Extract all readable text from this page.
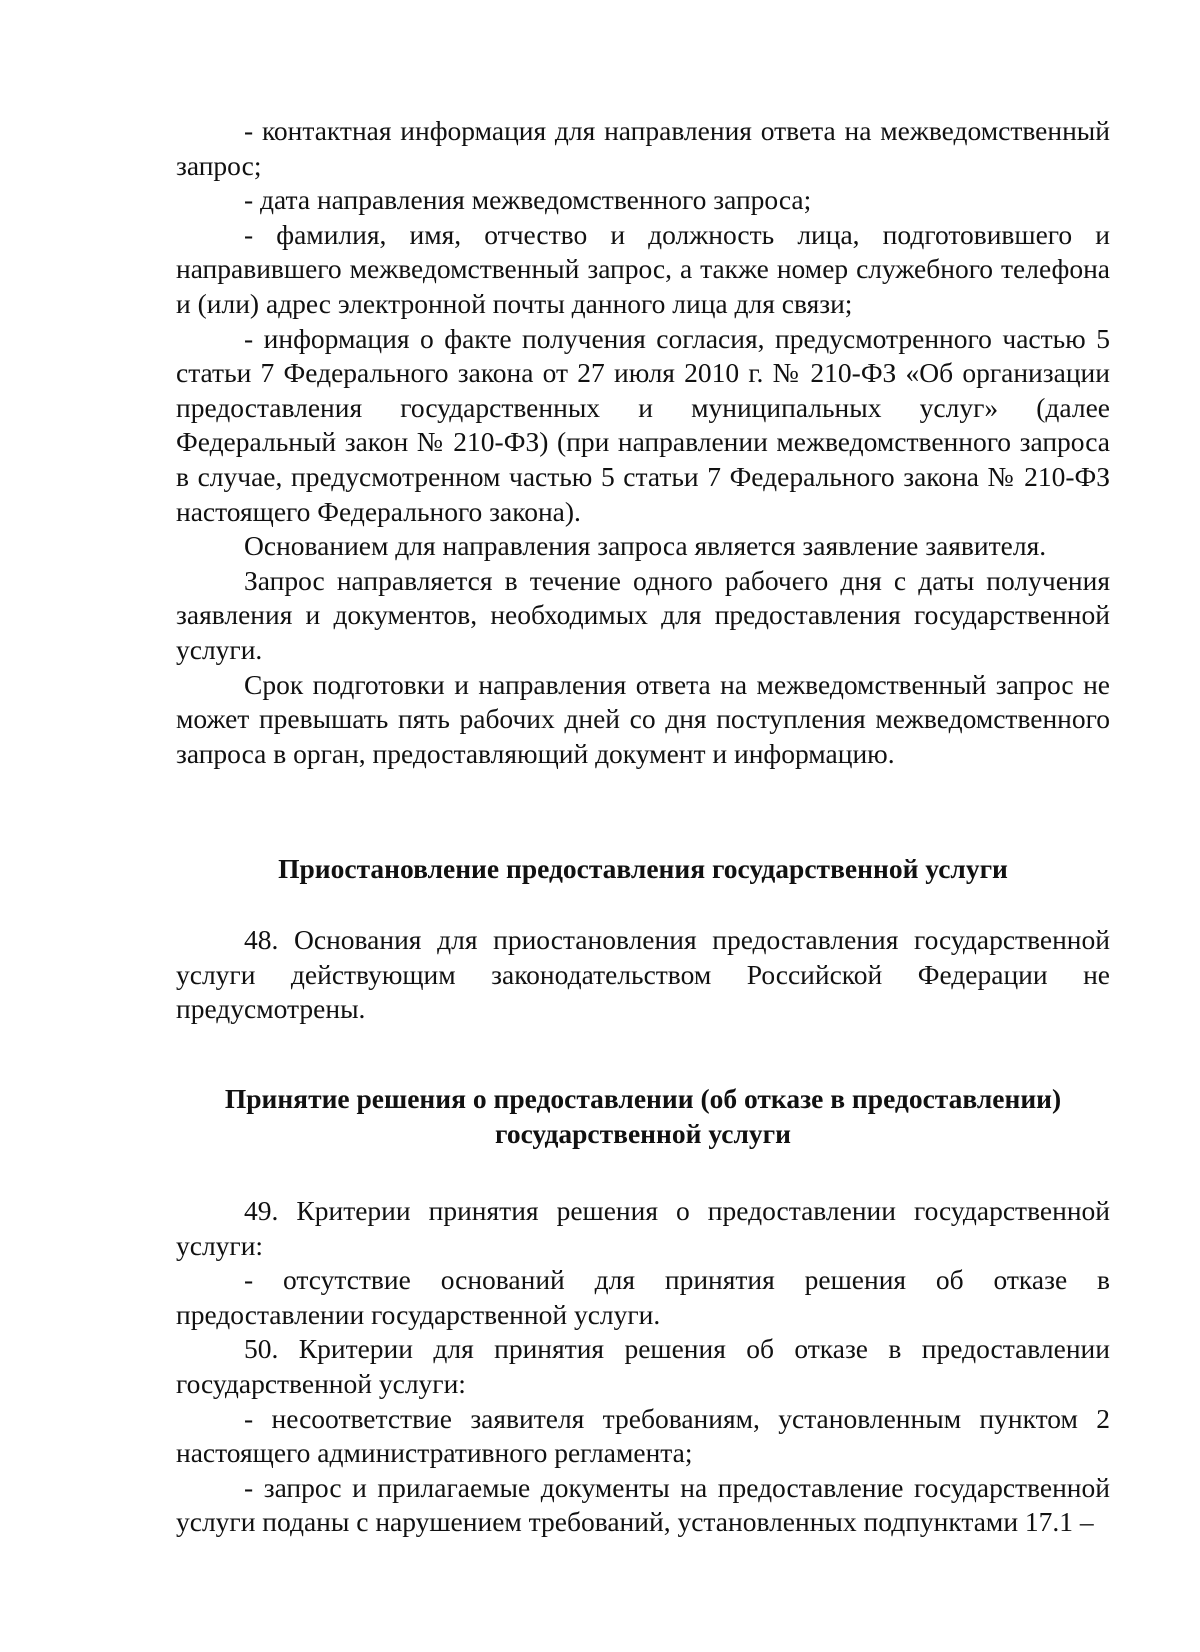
- контактная информация для направления ответа на межведомственный запрос;

- дата направления межведомственного запроса;

- фамилия, имя, отчество и должность лица, подготовившего и направившего межведомственный запрос, а также номер служебного телефона и (или) адрес электронной почты данного лица для связи;

- информация о факте получения согласия, предусмотренного частью 5 статьи 7 Федерального закона от 27 июля 2010 г. № 210-ФЗ «Об организации предоставления государственных и муниципальных услуг» (далее Федеральный закон № 210-ФЗ) (при направлении межведомственного запроса в случае, предусмотренном частью 5 статьи 7 Федерального закона № 210-ФЗ настоящего Федерального закона).

Основанием для направления запроса является заявление заявителя.

Запрос направляется в течение одного рабочего дня с даты получения заявления и документов, необходимых для предоставления государственной услуги.

Срок подготовки и направления ответа на межведомственный запрос не может превышать пять рабочих дней со дня поступления межведомственного запроса в орган, предоставляющий документ и информацию.

Приостановление предоставления государственной услуги

48. Основания для приостановления предоставления государственной услуги действующим законодательством Российской Федерации не предусмотрены.

Принятие решения о предоставлении (об отказе в предоставлении)

государственной услуги

49. Критерии принятия решения о предоставлении государственной услуги:

- отсутствие оснований для принятия решения об отказе в предоставлении государственной услуги.

50. Критерии для принятия решения об отказе в предоставлении государственной услуги:

- несоответствие заявителя требованиям, установленным пунктом 2 настоящего административного регламента;

- запрос и прилагаемые документы на предоставление государственной услуги поданы с нарушением требований, установленных подпунктами 17.1 –
